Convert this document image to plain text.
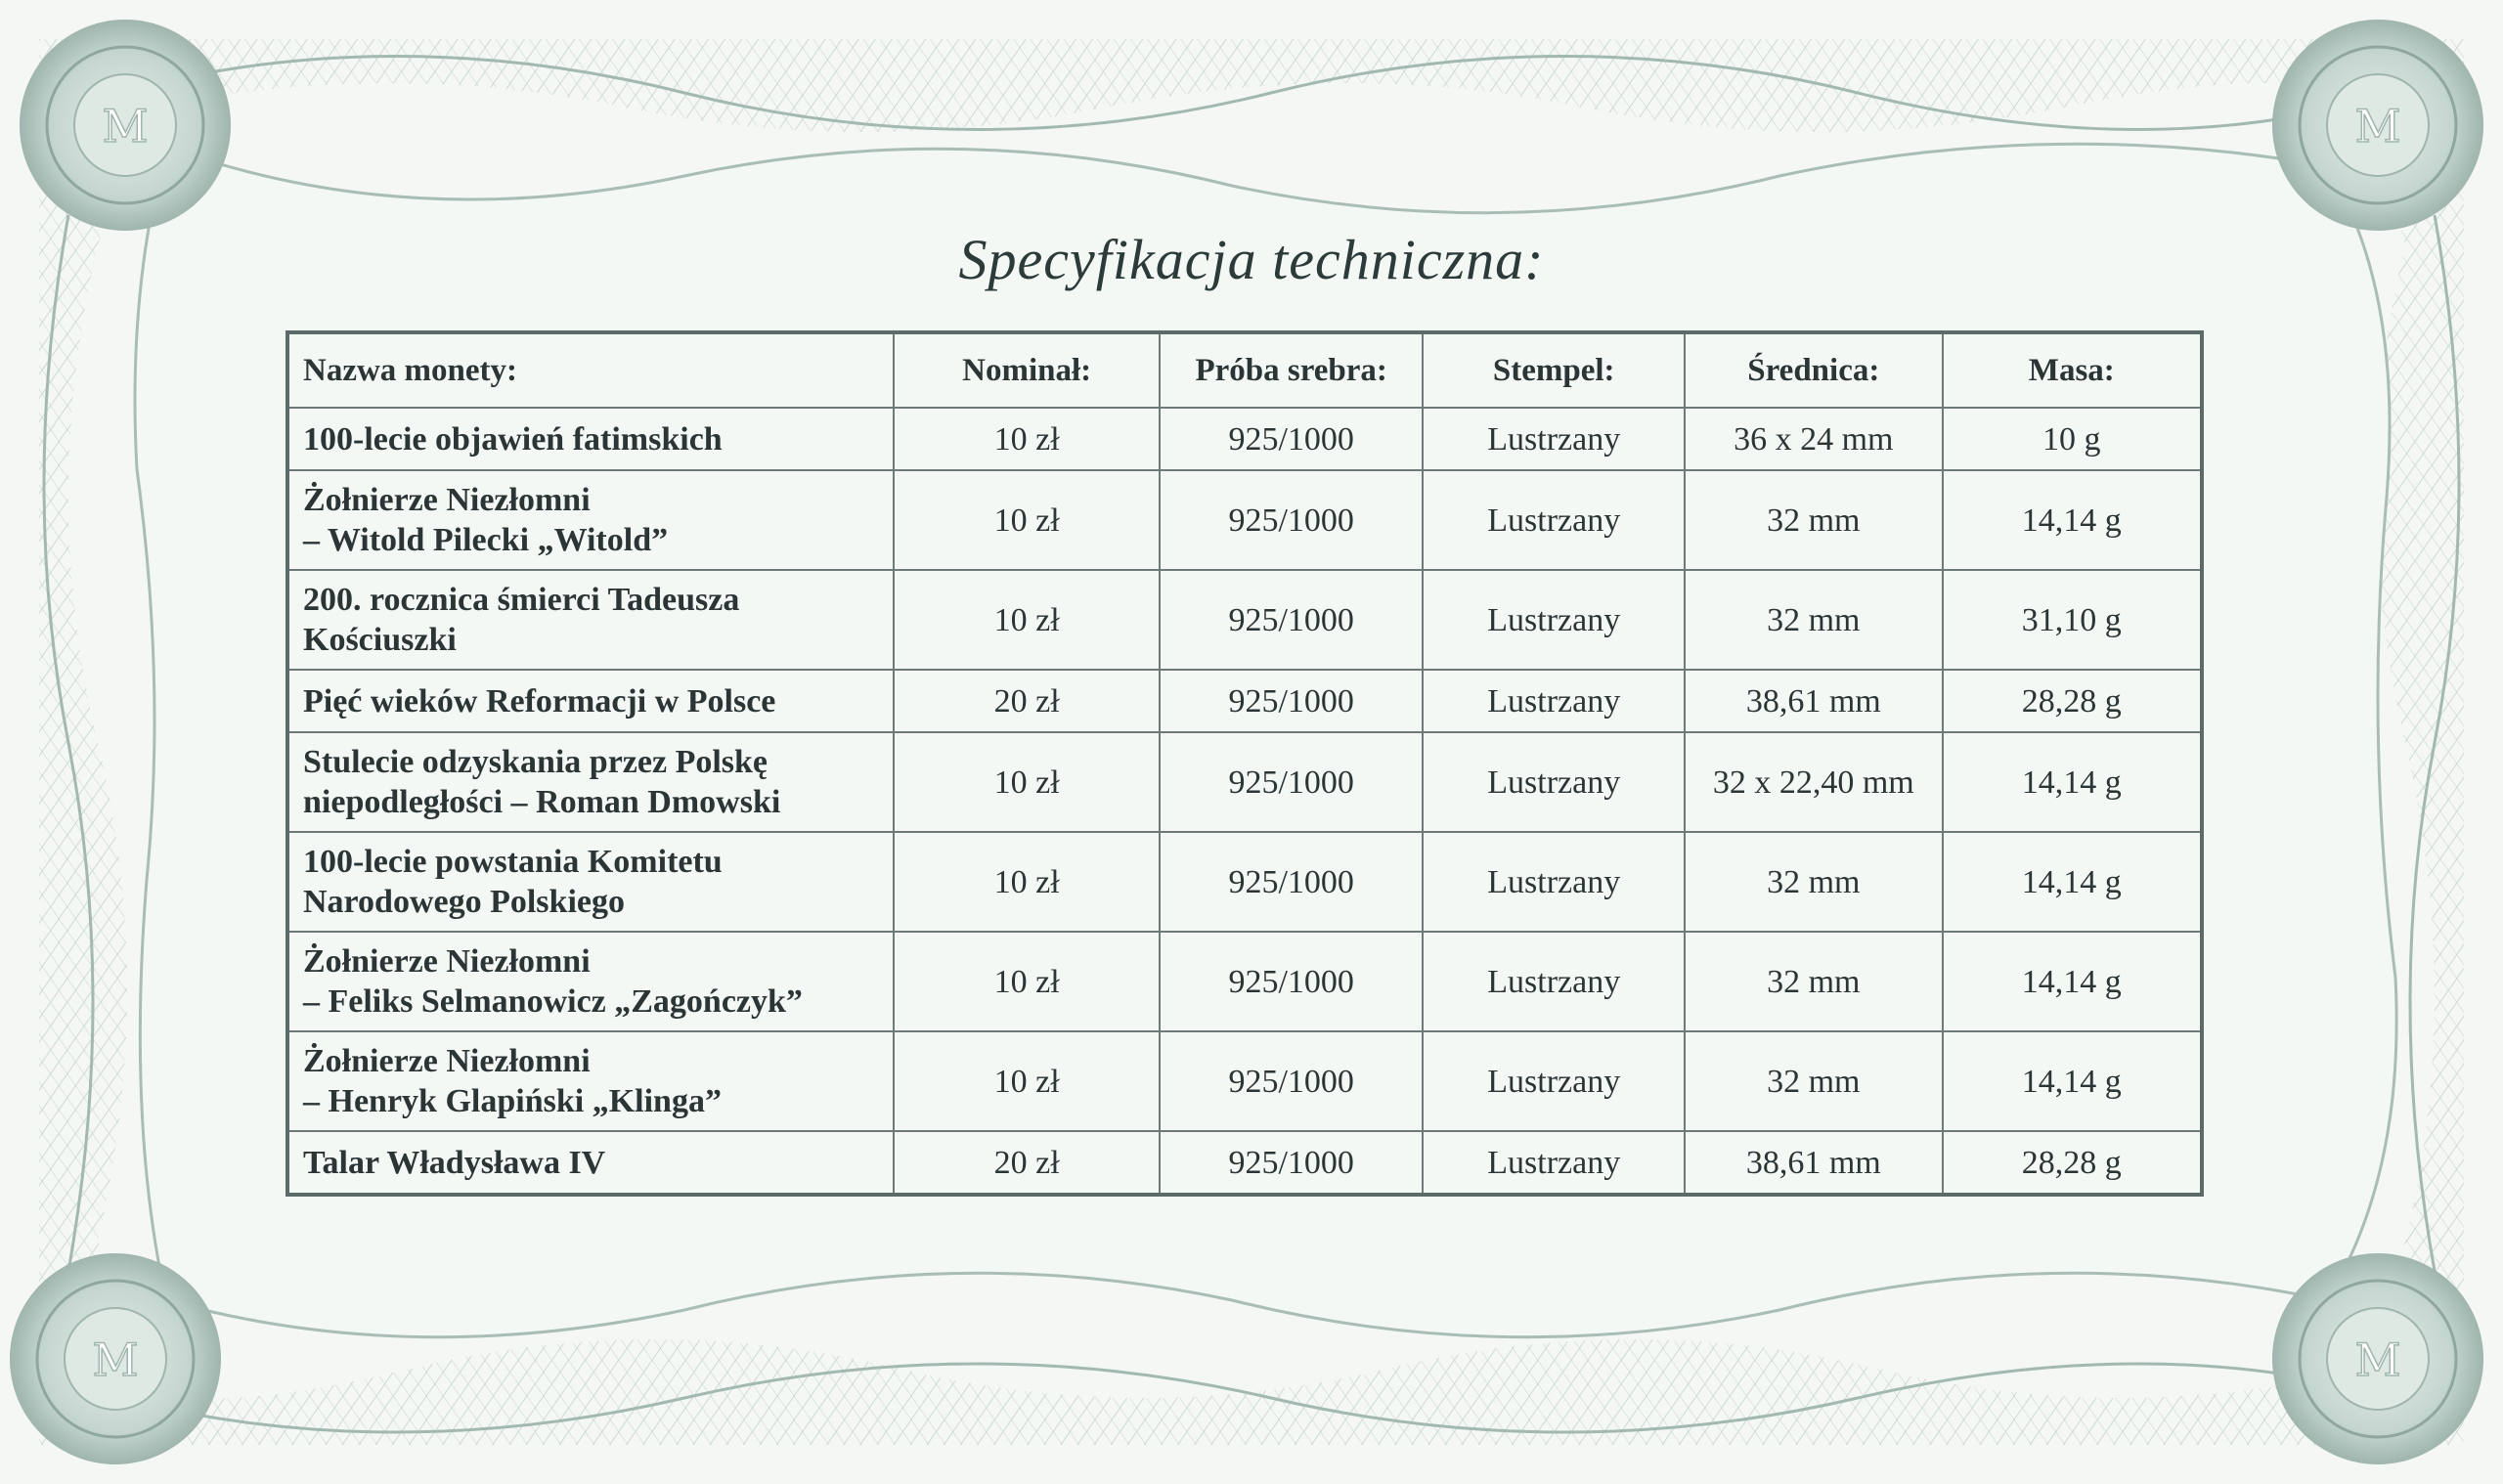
M	M
M	M
Specyfikacja techniczna:
Nazwa monety:	Nominał:	Próba srebra:	Stempel:	Średnica:	Masa:
100-lecie objawień fatimskich	10 zł	925/1000	Lustrzany	36 x 24 mm	10 g
Żołnierze Niezłomni
– Witold Pilecki „Witold”	10 zł	925/1000	Lustrzany	32 mm	14,14 g
200. rocznica śmierci Tadeusza
Kościuszki	10 zł	925/1000	Lustrzany	32 mm	31,10 g
Pięć wieków Reformacji w Polsce	20 zł	925/1000	Lustrzany	38,61 mm	28,28 g
Stulecie odzyskania przez Polskę
niepodległości – Roman Dmowski	10 zł	925/1000	Lustrzany	32 x 22,40 mm	14,14 g
100-lecie powstania Komitetu
Narodowego Polskiego	10 zł	925/1000	Lustrzany	32 mm	14,14 g
Żołnierze Niezłomni
– Feliks Selmanowicz „Zagończyk”	10 zł	925/1000	Lustrzany	32 mm	14,14 g
Żołnierze Niezłomni
– Henryk Glapiński „Klinga”	10 zł	925/1000	Lustrzany	32 mm	14,14 g
Talar Władysława IV	20 zł	925/1000	Lustrzany	38,61 mm	28,28 g
